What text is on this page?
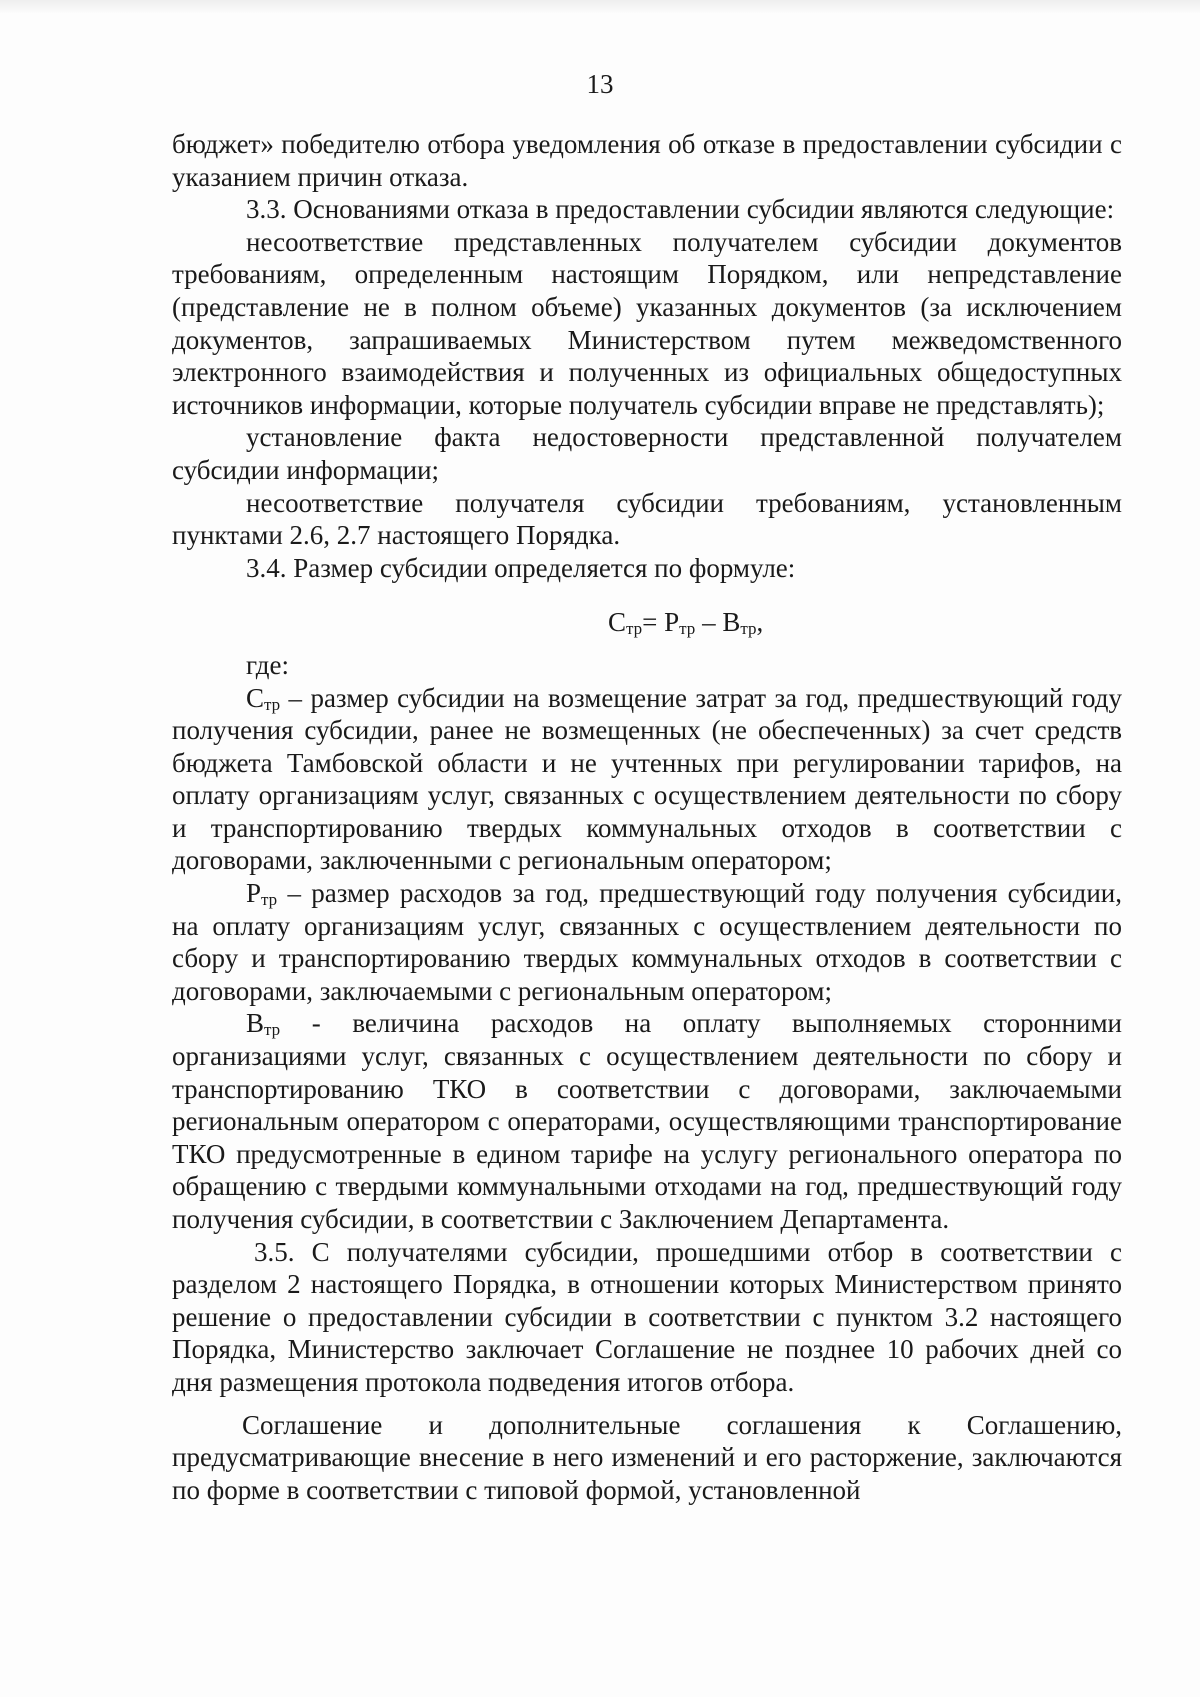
13

бюджет» победителю отбора уведомления об отказе в предоставлении субсидии с указанием причин отказа.

3.3. Основаниями отказа в предоставлении субсидии являются следующие:

несоответствие представленных получателем субсидии документов требованиям, определенным настоящим Порядком, или непредставление (представление не в полном объеме) указанных документов (за исключением документов, запрашиваемых Министерством путем межведомственного электронного взаимодействия и полученных из официальных общедоступных источников информации, которые получатель субсидии вправе не представлять);

установление факта недостоверности представленной получателем субсидии информации;

несоответствие получателя субсидии требованиям, установленным пунктами 2.6, 2.7 настоящего Порядка.

3.4. Размер субсидии определяется по формуле:

$С_{тр}= Р_{тр} - В_{тр}$,

где:

$С_{тр}$ – размер субсидии на возмещение затрат за год, предшествующий году получения субсидии, ранее не возмещенных (не обеспеченных) за счет средств бюджета Тамбовской области и не учтенных при регулировании тарифов, на оплату организациям услуг, связанных с осуществлением деятельности по сбору и транспортированию твердых коммунальных отходов в соответствии с договорами, заключенными с региональным оператором;

$Р_{тр}$ – размер расходов за год, предшествующий году получения субсидии, на оплату организациям услуг, связанных с осуществлением деятельности по сбору и транспортированию твердых коммунальных отходов в соответствии с договорами, заключаемыми с региональным оператором;

$В_{тр}$ - величина расходов на оплату выполняемых сторонними организациями услуг, связанных с осуществлением деятельности по сбору и транспортированию ТКО в соответствии с договорами, заключаемыми региональным оператором с операторами, осуществляющими транспортирование ТКО предусмотренные в едином тарифе на услугу регионального оператора по обращению с твердыми коммунальными отходами на год, предшествующий году получения субсидии, в соответствии с Заключением Департамента.

3.5. С получателями субсидии, прошедшими отбор в соответствии с разделом 2 настоящего Порядка, в отношении которых Министерством принято решение о предоставлении субсидии в соответствии с пунктом 3.2 настоящего Порядка, Министерство заключает Соглашение не позднее 10 рабочих дней со дня размещения протокола подведения итогов отбора.

Соглашение и дополнительные соглашения к Соглашению, предусматривающие внесение в него изменений и его расторжение, заключаются по форме в соответствии с типовой формой, установленной
